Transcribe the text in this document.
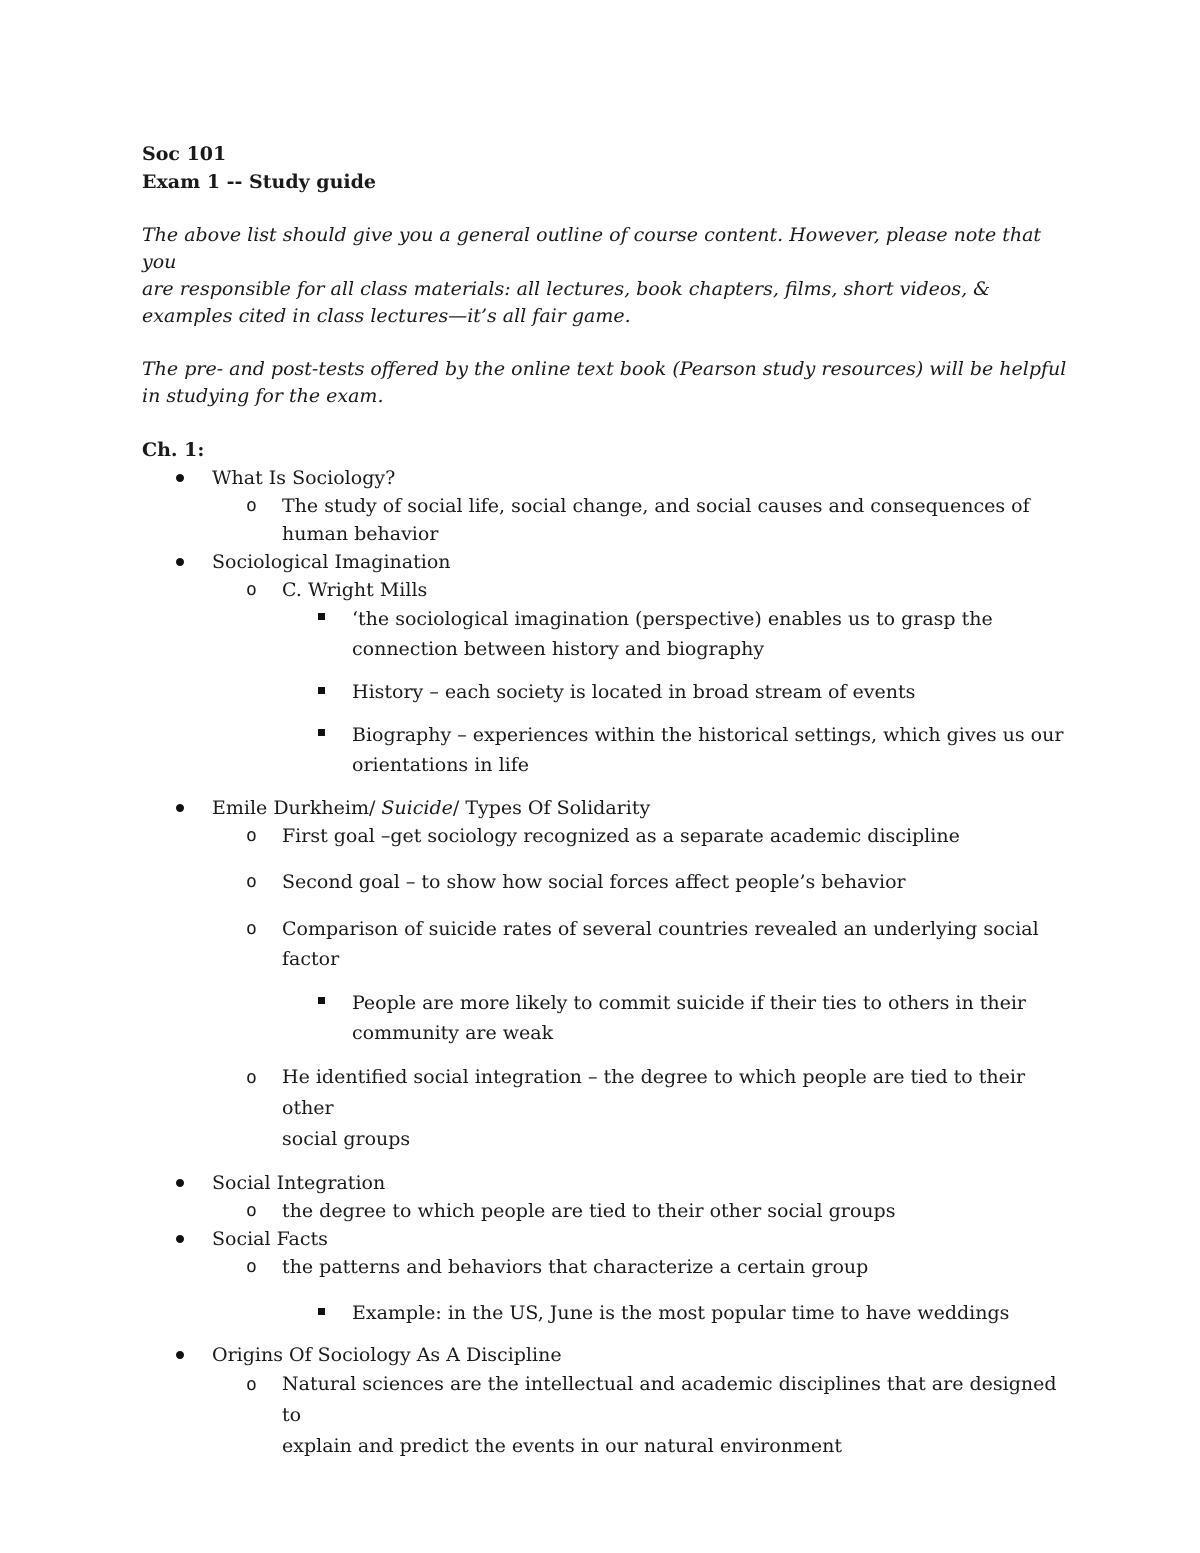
Soc 101

Exam 1 -- Study guide

The above list should give you a general outline of course content. However, please note that you
are responsible for all class materials: all lectures, book chapters, films, short videos, &
examples cited in class lectures—it’s all fair game.

The pre- and post-tests offered by the online text book (Pearson study resources) will be helpful
in studying for the exam.

Ch. 1:
What Is Sociology?
o The study of social life, social change, and social causes and consequences of
human behavior
Sociological Imagination
o C. Wright Mills
‘the sociological imagination (perspective) enables us to grasp the
connection between history and biography
History – each society is located in broad stream of events
Biography – experiences within the historical settings, which gives us our
orientations in life
Emile Durkheim/ Suicide/ Types Of Solidarity
o First goal –get sociology recognized as a separate academic discipline
o Second goal – to show how social forces affect people’s behavior
o Comparison of suicide rates of several countries revealed an underlying social
factor
People are more likely to commit suicide if their ties to others in their
community are weak
o He identified social integration – the degree to which people are tied to their other
social groups
Social Integration
o the degree to which people are tied to their other social groups
Social Facts
o the patterns and behaviors that characterize a certain group
Example: in the US, June is the most popular time to have weddings
Origins Of Sociology As A Discipline
o Natural sciences are the intellectual and academic disciplines that are designed to
explain and predict the events in our natural environment
